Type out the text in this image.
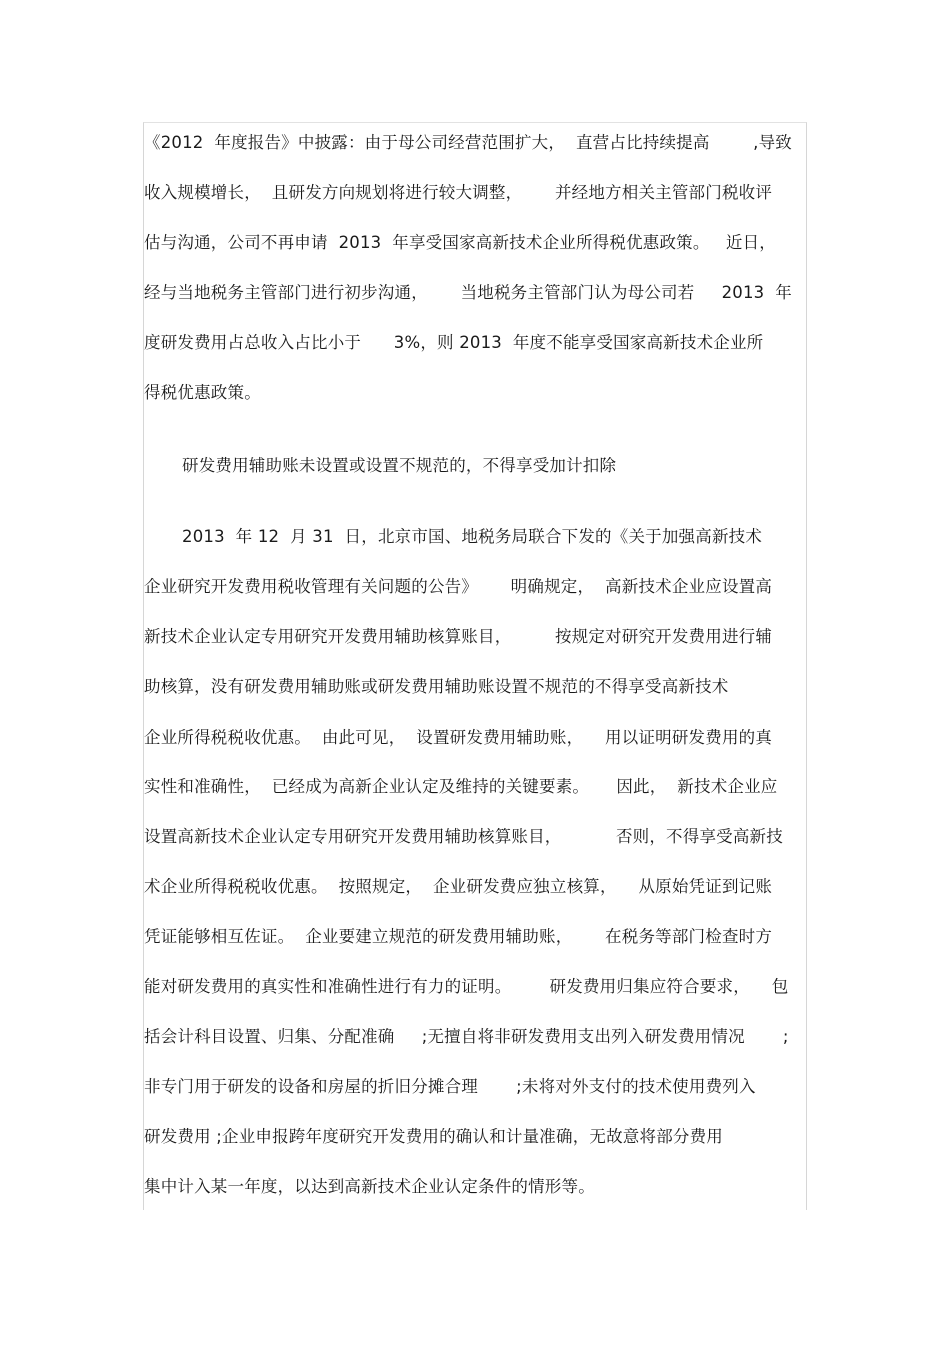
《2012  年度报告》中披露：由于母公司经营范围扩大，  直营占比持续提高        ,导致

收入规模增长，  且研发方向规划将进行较大调整，      并经地方相关主管部门税收评

估与沟通，公司不再申请  2013  年享受国家高新技术企业所得税优惠政策。   近日，

经与当地税务主管部门进行初步沟通，      当地税务主管部门认为母公司若     2013  年

度研发费用占总收入占比小于      3%，则 2013  年度不能享受国家高新技术企业所

得税优惠政策。

研发费用辅助账未设置或设置不规范的，不得享受加计扣除

2013  年 12  月 31  日，北京市国、地税务局联合下发的《关于加强高新技术

企业研究开发费用税收管理有关问题的公告》      明确规定，  高新技术企业应设置高

新技术企业认定专用研究开发费用辅助核算账目，        按规定对研究开发费用进行辅

助核算，没有研发费用辅助账或研发费用辅助账设置不规范的不得享受高新技术

企业所得税税收优惠。  由此可见，  设置研发费用辅助账，    用以证明研发费用的真

实性和准确性，  已经成为高新企业认定及维持的关键要素。     因此，  新技术企业应

设置高新技术企业认定专用研究开发费用辅助核算账目，          否则，不得享受高新技

术企业所得税税收优惠。  按照规定，  企业研发费应独立核算，    从原始凭证到记账

凭证能够相互佐证。  企业要建立规范的研发费用辅助账，      在税务等部门检查时方

能对研发费用的真实性和准确性进行有力的证明。       研发费用归集应符合要求，    包

括会计科目设置、归集、分配准确     ;无擅自将非研发费用支出列入研发费用情况       ;

非专门用于研发的设备和房屋的折旧分摊合理       ;未将对外支付的技术使用费列入

研发费用 ;企业申报跨年度研究开发费用的确认和计量准确，无故意将部分费用

集中计入某一年度，以达到高新技术企业认定条件的情形等。
